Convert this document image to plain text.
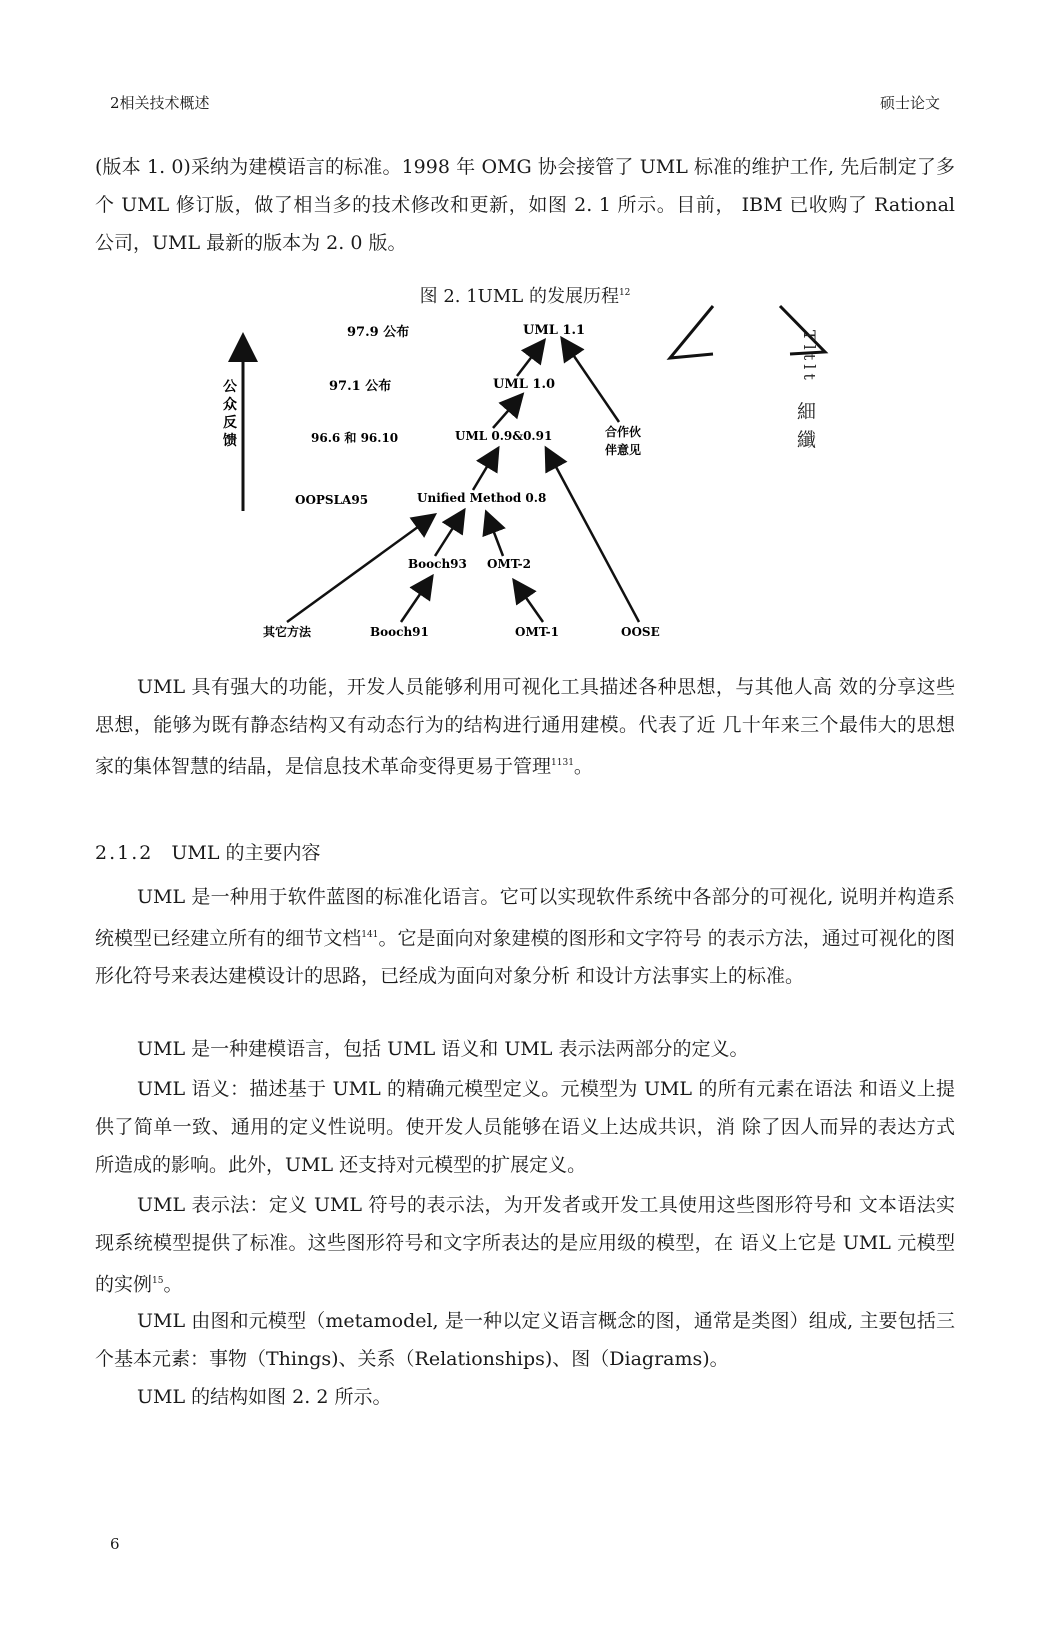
2相关技术概述	硕士论文

(版本 1. 0)采纳为建模语言的标准。1998 年 OMG 协会接管了 UML 标准的维护工作, 先后制定了多个 UML 修订版，做了相当多的技术修改和更新，如图 2. 1 所示。目前， IBM 已收购了 Rational 公司，UML 最新的版本为 2. 0 版。

图 2. 1UML 的发展历程$^{12}$
公
众
反
馈
97.9 公布
97.1 公布
96.6 和 96.10
OOPSLA95
UML 1.1
UML 1.0
UML 0.9&0.91
Unified Method 0.8
Booch93 OMT-2
其它方法	Booch91	OMT-1	OOSE
合作伙
伴意见
Tltlt
細
纖

UML 具有强大的功能，开发人员能够利用可视化工具描述各种思想，与其他人高 效的分享这些思想，能够为既有静态结构又有动态行为的结构进行通用建模。代表了近 几十年来三个最伟大的思想家的集体智慧的结晶，是信息技术革命变得更易于管理$^{1131}$。

2.1.2 UML 的主要内容

UML 是一种用于软件蓝图的标准化语言。它可以实现软件系统中各部分的可视化, 说明并构造系统模型已经建立所有的细节文档$^{141}$。它是面向对象建模的图形和文字符号 的表示方法，通过可视化的图形化符号来表达建模设计的思路，已经成为面向对象分析 和设计方法事实上的标准。

UML 是一种建模语言，包括 UML 语义和 UML 表示法两部分的定义。

UML 语义：描述基于 UML 的精确元模型定义。元模型为 UML 的所有元素在语法 和语义上提供了简单一致、通用的定义性说明。使开发人员能够在语义上达成共识，消 除了因人而异的表达方式所造成的影响。此外，UML 还支持对元模型的扩展定义。

UML 表示法：定义 UML 符号的表示法，为开发者或开发工具使用这些图形符号和 文本语法实现系统模型提供了标准。这些图形符号和文字所表达的是应用级的模型，在 语义上它是 UML 元模型的实例$^{15}$。

UML 由图和元模型（metamodel, 是一种以定义语言概念的图，通常是类图）组成, 主要包括三个基本元素：事物（Things)、关系（Relationships)、图（Diagrams)。

UML 的结构如图 2. 2 所示。

6
